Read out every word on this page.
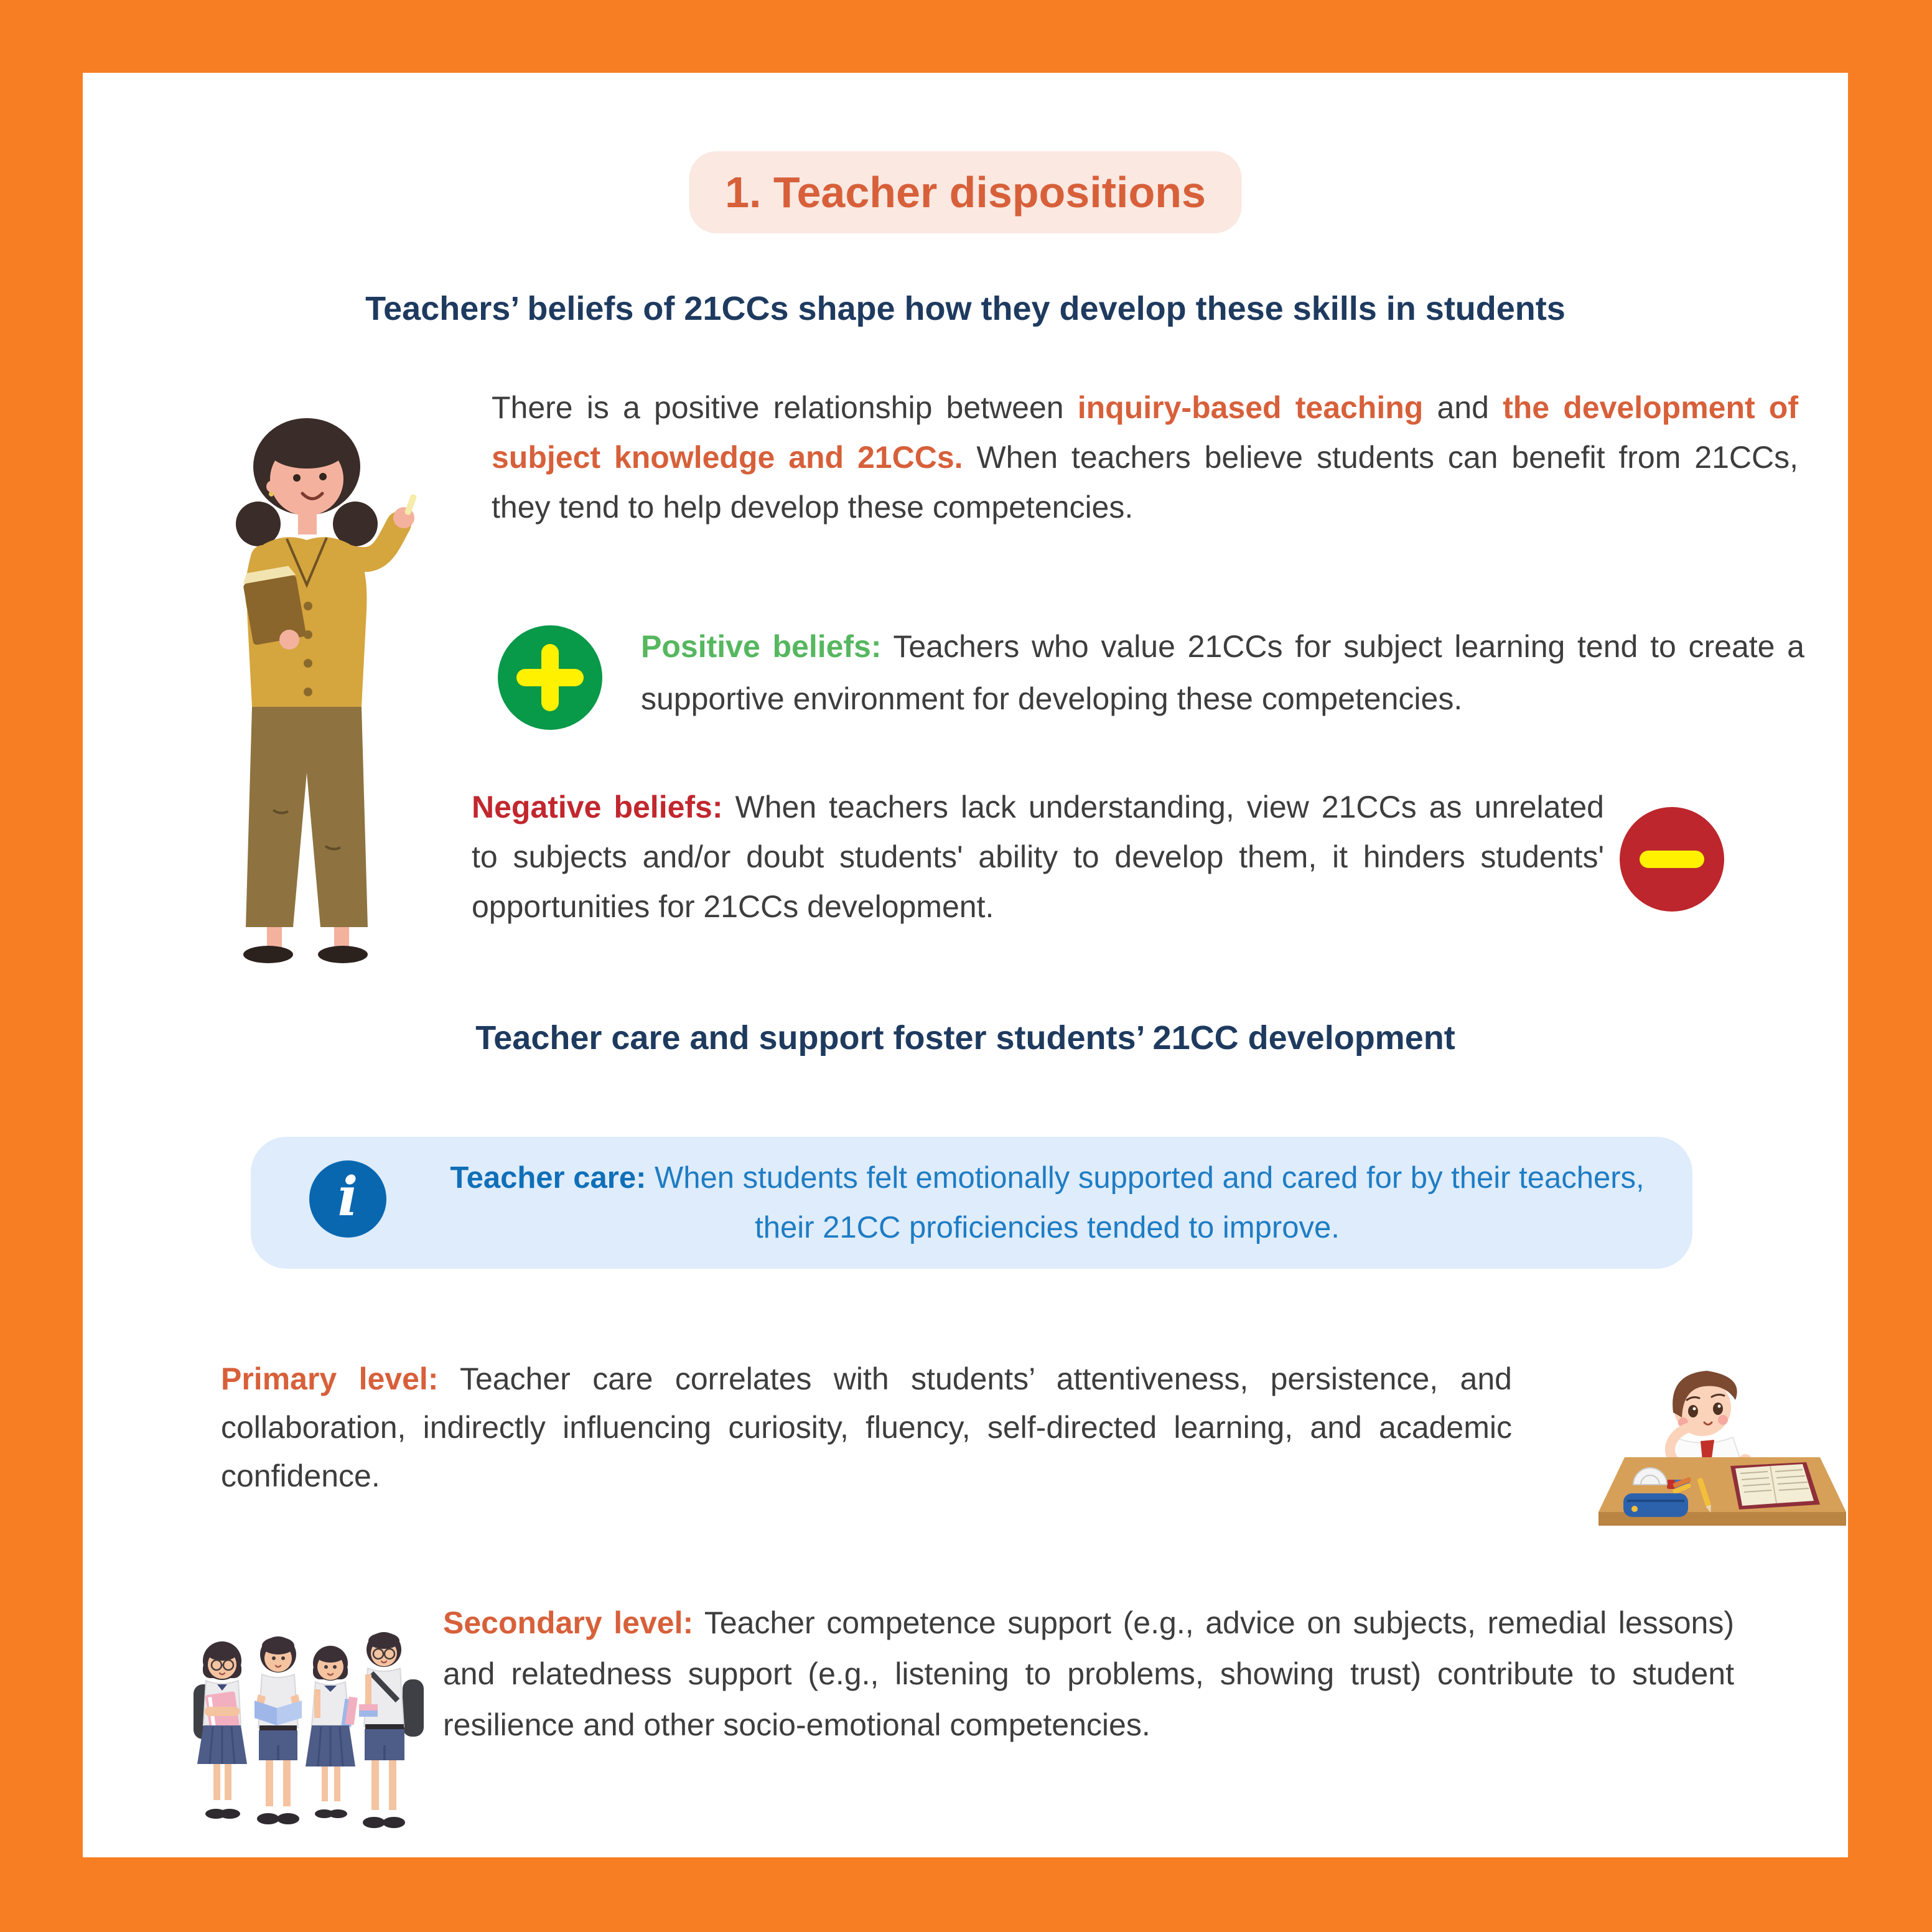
1. Teacher dispositions
Teachers’ beliefs of 21CCs shape how they develop these skills in students

There is a positive relationship between inquiry-based teaching and the development of subject knowledge and 21CCs. When teachers believe students can benefit from 21CCs, they tend to help develop these competencies.

Positive beliefs: Teachers who value 21CCs for subject learning tend to create a supportive environment for developing these competencies.

Negative beliefs: When teachers lack understanding, view 21CCs as unrelated to subjects and/or doubt students' ability to develop them, it hinders students' opportunities for 21CCs development.

Teacher care and support foster students’ 21CC development
i	Teacher care: When students felt emotionally supported and cared for by their teachers, their 21CC proficiencies tended to improve.

Primary level: Teacher care correlates with students’ attentiveness, persistence, and collaboration, indirectly influencing curiosity, fluency, self-directed learning, and academic confidence.

Secondary level: Teacher competence support (e.g., advice on subjects, remedial lessons) and relatedness support (e.g., listening to problems, showing trust) contribute to student resilience and other socio-emotional competencies.
